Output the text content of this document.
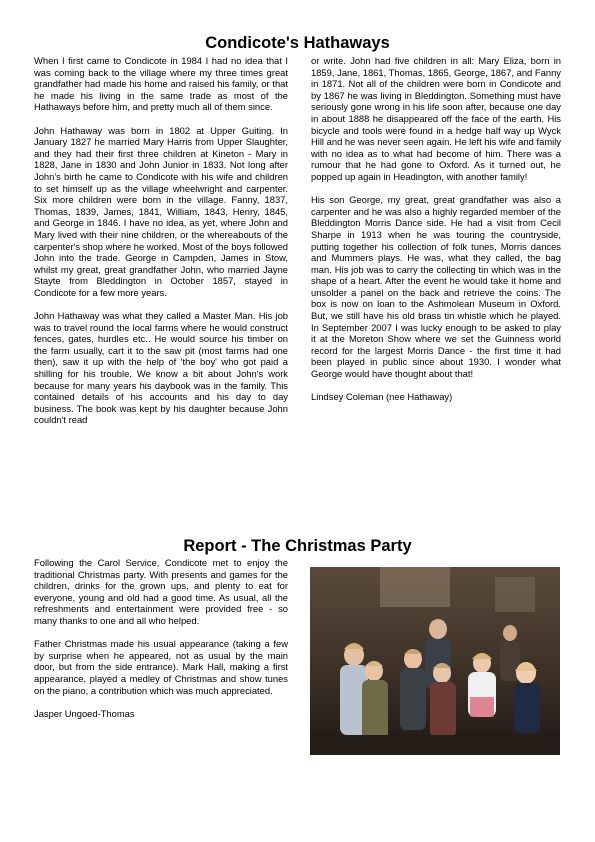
Condicote's Hathaways

When I first came to Condicote in 1984 I had no idea that I was coming back to the village where my three times great grandfather had made his home and raised his family, or that he made his living in the same trade as most of the Hathaways before him, and pretty much all of them since.

John Hathaway was born in 1802 at Upper Guiting. In January 1827 he married Mary Harris from Upper Slaughter, and they had their first three children at Kineton - Mary in 1828, Jane in 1830 and John Junior in 1833. Not long after John's birth he came to Condicote with his wife and children to set himself up as the village wheelwright and carpenter. Six more children were born in the village. Fanny, 1837, Thomas, 1839, James, 1841, William, 1843, Henry, 1845, and George in 1846. I have no idea, as yet, where John and Mary lived with their nine children, or the whereabouts of the carpenter's shop where he worked. Most of the boys followed John into the trade. George in Campden, James in Stow, whilst my great, great grandfather John, who married Jayne Stayte from Bleddington in October 1857, stayed in Condicote for a few more years.

John Hathaway was what they called a Master Man. His job was to travel round the local farms where he would construct fences, gates, hurdles etc.. He would source his timber on the farm usually, cart it to the saw pit (most farms had one then), saw it up with the help of 'the boy' who got paid a shilling for his trouble. We know a bit about John's work because for many years his daybook was in the family. This contained details of his accounts and his day to day business. The book was kept by his daughter because John couldn't read

or write. John had five children in all: Mary Eliza, born in 1859, Jane, 1861, Thomas, 1865, George, 1867, and Fanny in 1871. Not all of the children were born in Condicote and by 1867 he was living in Bleddington. Something must have seriously gone wrong in his life soon after, because one day in about 1888 he disappeared off the face of the earth. His bicycle and tools were found in a hedge half way up Wyck Hill and he was never seen again. He left his wife and family with no idea as to what had become of him. There was a rumour that he had gone to Oxford. As it turned out, he popped up again in Headington, with another family!

His son George, my great, great grandfather was also a carpenter and he was also a highly regarded member of the Bleddington Morris Dance side. He had a visit from Cecil Sharpe in 1913 when he was touring the countryside, putting together his collection of folk tunes, Morris dances and Mummers plays. He was, what they called, the bag man. His job was to carry the collecting tin which was in the shape of a heart. After the event he would take it home and unsolder a panel on the back and retrieve the coins. The box is now on loan to the Ashmolean Museum in Oxford. But, we still have his old brass tin whistle which he played. In September 2007 I was lucky enough to be asked to play it at the Moreton Show where we set the Guinness world record for the largest Morris Dance - the first time it had been played in public since about 1930. I wonder what George would have thought about that!

Lindsey Coleman (nee Hathaway)

Report - The Christmas Party

Following the Carol Service, Condicote met to enjoy the traditional Christmas party. With presents and games for the children, drinks for the grown ups, and plenty to eat for everyone, young and old had a good time. As usual, all the refreshments and entertainment were provided free - so many thanks to one and all who helped.

Father Christmas made his usual appearance (taking a few by surprise when he appeared, not as usual by the main door, but from the side entrance). Mark Hall, making a first appearance, played a medley of Christmas and show tunes on the piano, a contribution which was much appreciated.

Jasper Ungoed-Thomas
